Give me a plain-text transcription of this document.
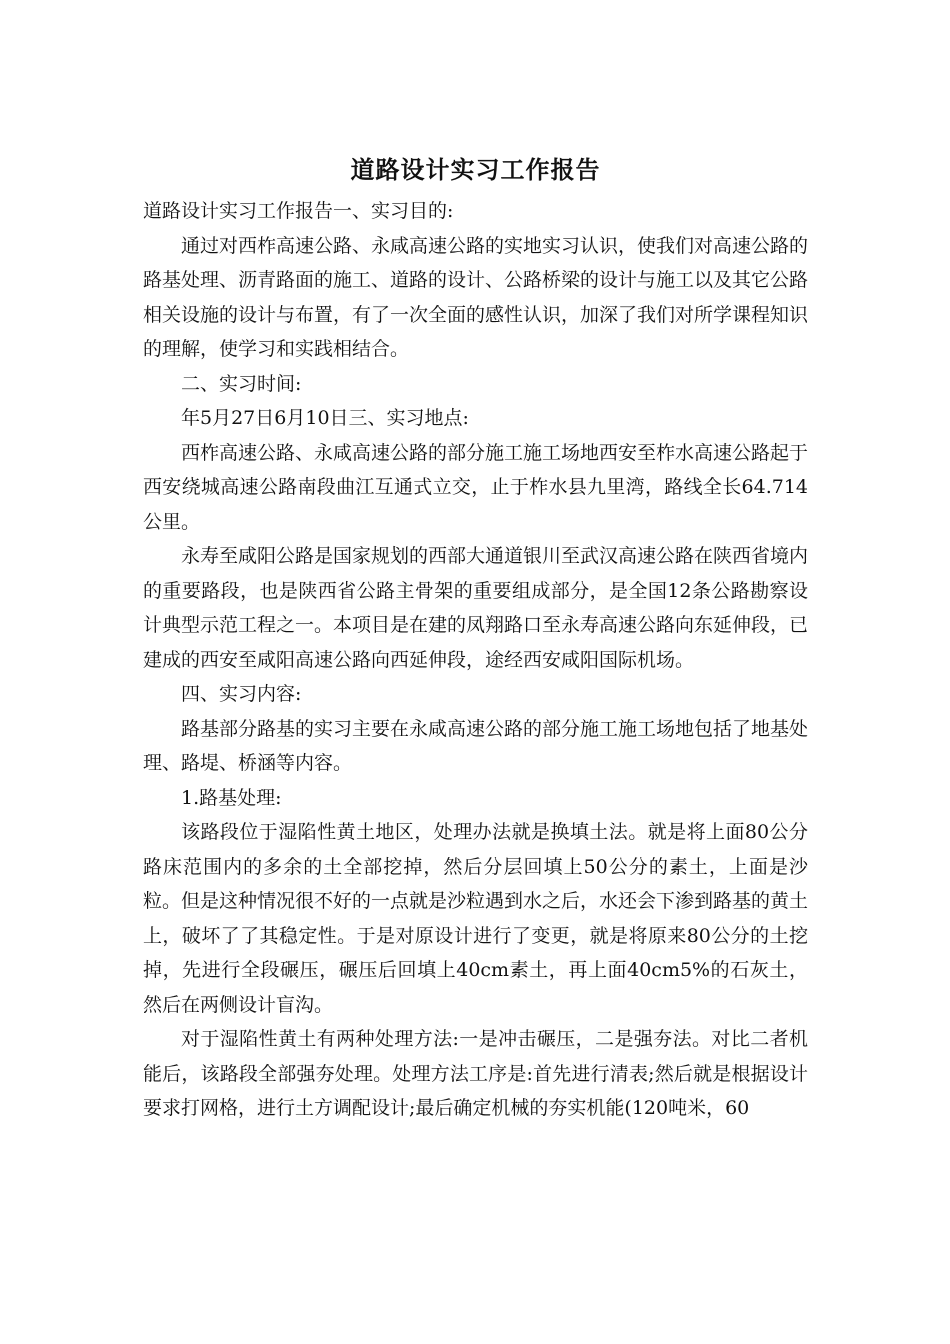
道路设计实习工作报告

道路设计实习工作报告一、实习目的:

通过对西柞高速公路、永咸高速公路的实地实习认识，使我们对高速公路的路基处理、沥青路面的施工、道路的设计、公路桥梁的设计与施工以及其它公路相关设施的设计与布置，有了一次全面的感性认识，加深了我们对所学课程知识的理解，使学习和实践相结合。

二、实习时间:

年5月27日6月10日三、实习地点:

西柞高速公路、永咸高速公路的部分施工施工场地西安至柞水高速公路起于西安绕城高速公路南段曲江互通式立交，止于柞水县九里湾，路线全长64.714公里。

永寿至咸阳公路是国家规划的西部大通道银川至武汉高速公路在陕西省境内的重要路段，也是陕西省公路主骨架的重要组成部分，是全国12条公路勘察设计典型示范工程之一。本项目是在建的凤翔路口至永寿高速公路向东延伸段，已建成的西安至咸阳高速公路向西延伸段，途经西安咸阳国际机场。

四、实习内容:

路基部分路基的实习主要在永咸高速公路的部分施工施工场地包括了地基处理、路堤、桥涵等内容。

1.路基处理:

该路段位于湿陷性黄土地区，处理办法就是换填土法。就是将上面80公分路床范围内的多余的土全部挖掉，然后分层回填上50公分的素土，上面是沙粒。但是这种情况很不好的一点就是沙粒遇到水之后，水还会下渗到路基的黄土上，破坏了了其稳定性。于是对原设计进行了变更，就是将原来80公分的土挖掉，先进行全段碾压，碾压后回填上40cm素土，再上面40cm5%的石灰土，然后在两侧设计盲沟。

对于湿陷性黄土有两种处理方法:一是冲击碾压，二是强夯法。对比二者机能后，该路段全部强夯处理。处理方法工序是:首先进行清表;然后就是根据设计要求打网格，进行土方调配设计;最后确定机械的夯实机能(120吨米，60
